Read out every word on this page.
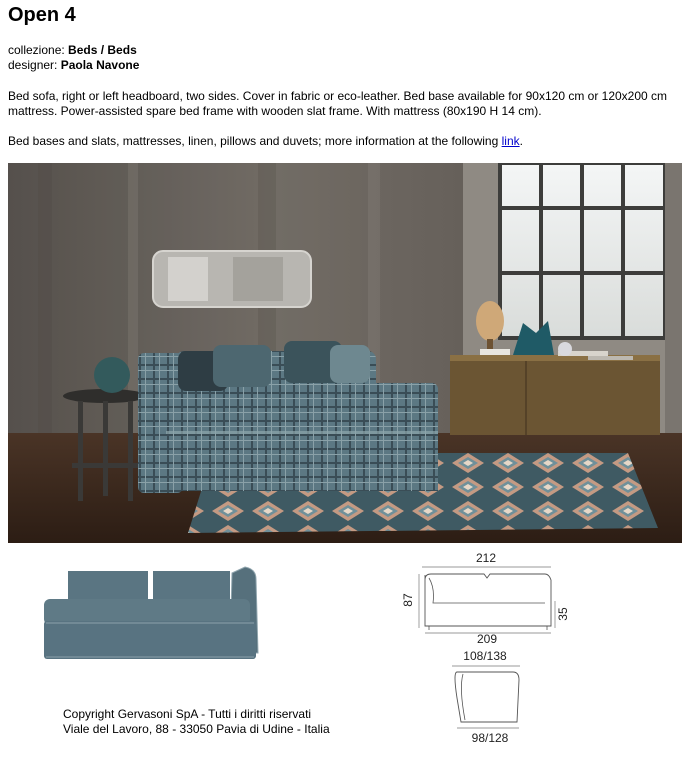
Open 4
collezione: Beds / Beds
designer: Paola Navone
Bed sofa, right or left headboard, two sides. Cover in fabric or eco-leather. Bed base available for 90x120 cm or 120x200 cm mattress. Power-assisted spare bed frame with wooden slat frame. With mattress (80x190 H 14 cm).
Bed bases and slats, mattresses, linen, pillows and duvets; more information at the following link.
212
87
35
209
108/138
98/128
Copyright Gervasoni SpA - Tutti i diritti riservati
Viale del Lavoro, 88 - 33050 Pavia di Udine - Italia
